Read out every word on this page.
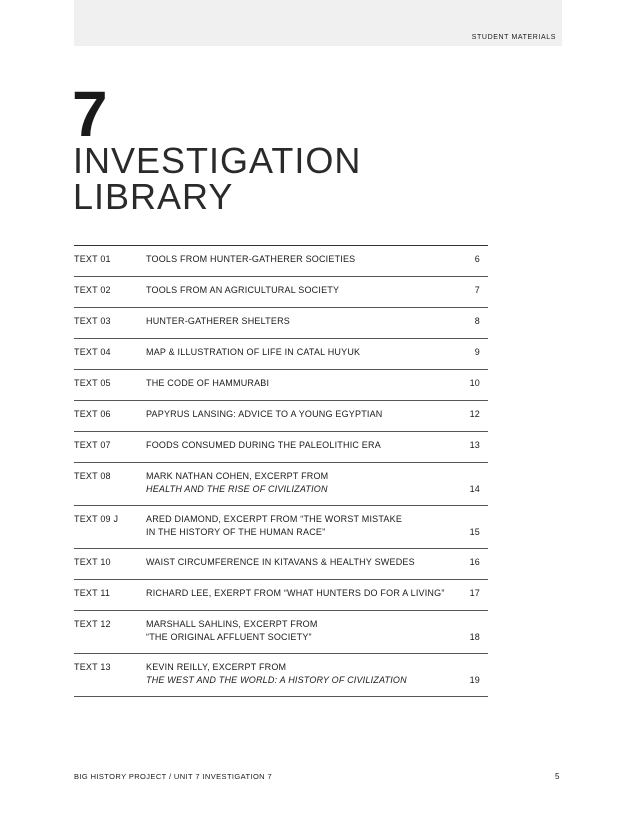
STUDENT MATERIALS
7
INVESTIGATION
LIBRARY
TEXT 01	TOOLS FROM HUNTER-GATHERER SOCIETIES	6
TEXT 02	TOOLS FROM AN AGRICULTURAL SOCIETY	7
TEXT 03	HUNTER-GATHERER SHELTERS	8
TEXT 04	MAP & ILLUSTRATION OF LIFE IN CATAL HUYUK	9
TEXT 05	THE CODE OF HAMMURABI	10
TEXT 06	PAPYRUS LANSING: ADVICE TO A YOUNG EGYPTIAN	12
TEXT 07	FOODS CONSUMED DURING THE PALEOLITHIC ERA	13
TEXT 08	MARK NATHAN COHEN, EXCERPT FROM
HEALTH AND THE RISE OF CIVILIZATION	14
TEXT 09 J	ARED DIAMOND, EXCERPT FROM “THE WORST MISTAKE
IN THE HISTORY OF THE HUMAN RACE”	15
TEXT 10	WAIST CIRCUMFERENCE IN KITAVANS & HEALTHY SWEDES	16
TEXT 11	RICHARD LEE, EXERPT FROM “WHAT HUNTERS DO FOR A LIVING”	17
TEXT 12	MARSHALL SAHLINS, EXCERPT FROM
“THE ORIGINAL AFFLUENT SOCIETY”	18
TEXT 13	KEVIN REILLY, EXCERPT FROM
THE WEST AND THE WORLD: A HISTORY OF CIVILIZATION	19
BIG HISTORY PROJECT / UNIT 7 INVESTIGATION 7	5
